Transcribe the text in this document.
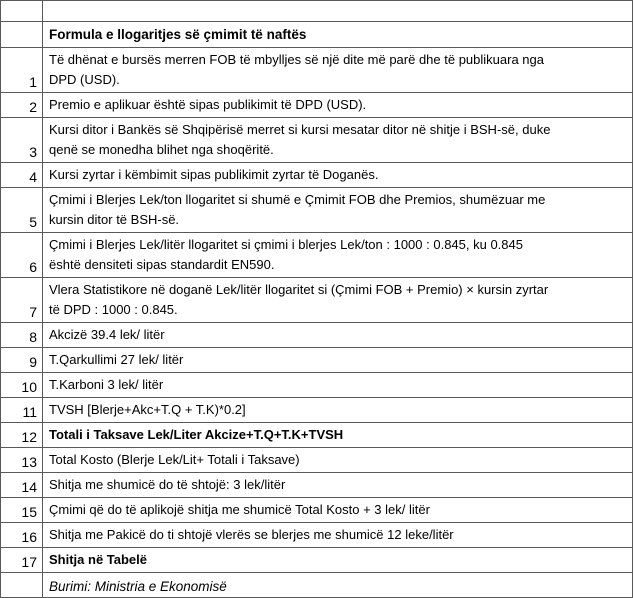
	Formula e llogaritjes së çmimit të naftës
1	Të dhënat e bursës merren FOB të mbylljes së një dite më parë dhe të publikuara nga
DPD (USD).

2	Premio e aplikuar është sipas publikimit të DPD (USD).

3	Kursi ditor i Bankës së Shqipërisë merret si kursi mesatar ditor në shitje i BSH-së, duke
qenë se monedha blihet nga shoqëritë.

4	Kursi zyrtar i këmbimit sipas publikimit zyrtar të Doganës.

5	Çmimi i Blerjes Lek/ton llogaritet si shumë e Çmimit FOB dhe Premios, shumëzuar me
kursin ditor të BSH-së.

6	Çmimi i Blerjes Lek/litër llogaritet si çmimi i blerjes Lek/ton : 1000 : 0.845, ku 0.845
është densiteti sipas standardit EN590.

7	Vlera Statistikore në doganë Lek/litër llogaritet si (Çmimi FOB + Premio) × kursin zyrtar
të DPD : 1000 : 0.845.

8	Akcizë 39.4 lek/ litër

9	T.Qarkullimi 27 lek/ litër

10	T.Karboni 3 lek/ litër

11	TVSH [Blerje+Akc+T.Q + T.K)*0.2]

12	Totali i Taksave Lek/Liter Akcize+T.Q+T.K+TVSH

13	Total Kosto (Blerje Lek/Lit+ Totali i Taksave)

14	Shitja me shumicë do të shtojë: 3 lek/litër

15	Çmimi që do të aplikojë shitja me shumicë Total Kosto + 3 lek/ litër

16	Shitja me Pakicë do ti shtojë vlerës se blerjes me shumicë 12 leke/litër

17	Shitja në Tabelë

	Burimi: Ministria e Ekonomisë
